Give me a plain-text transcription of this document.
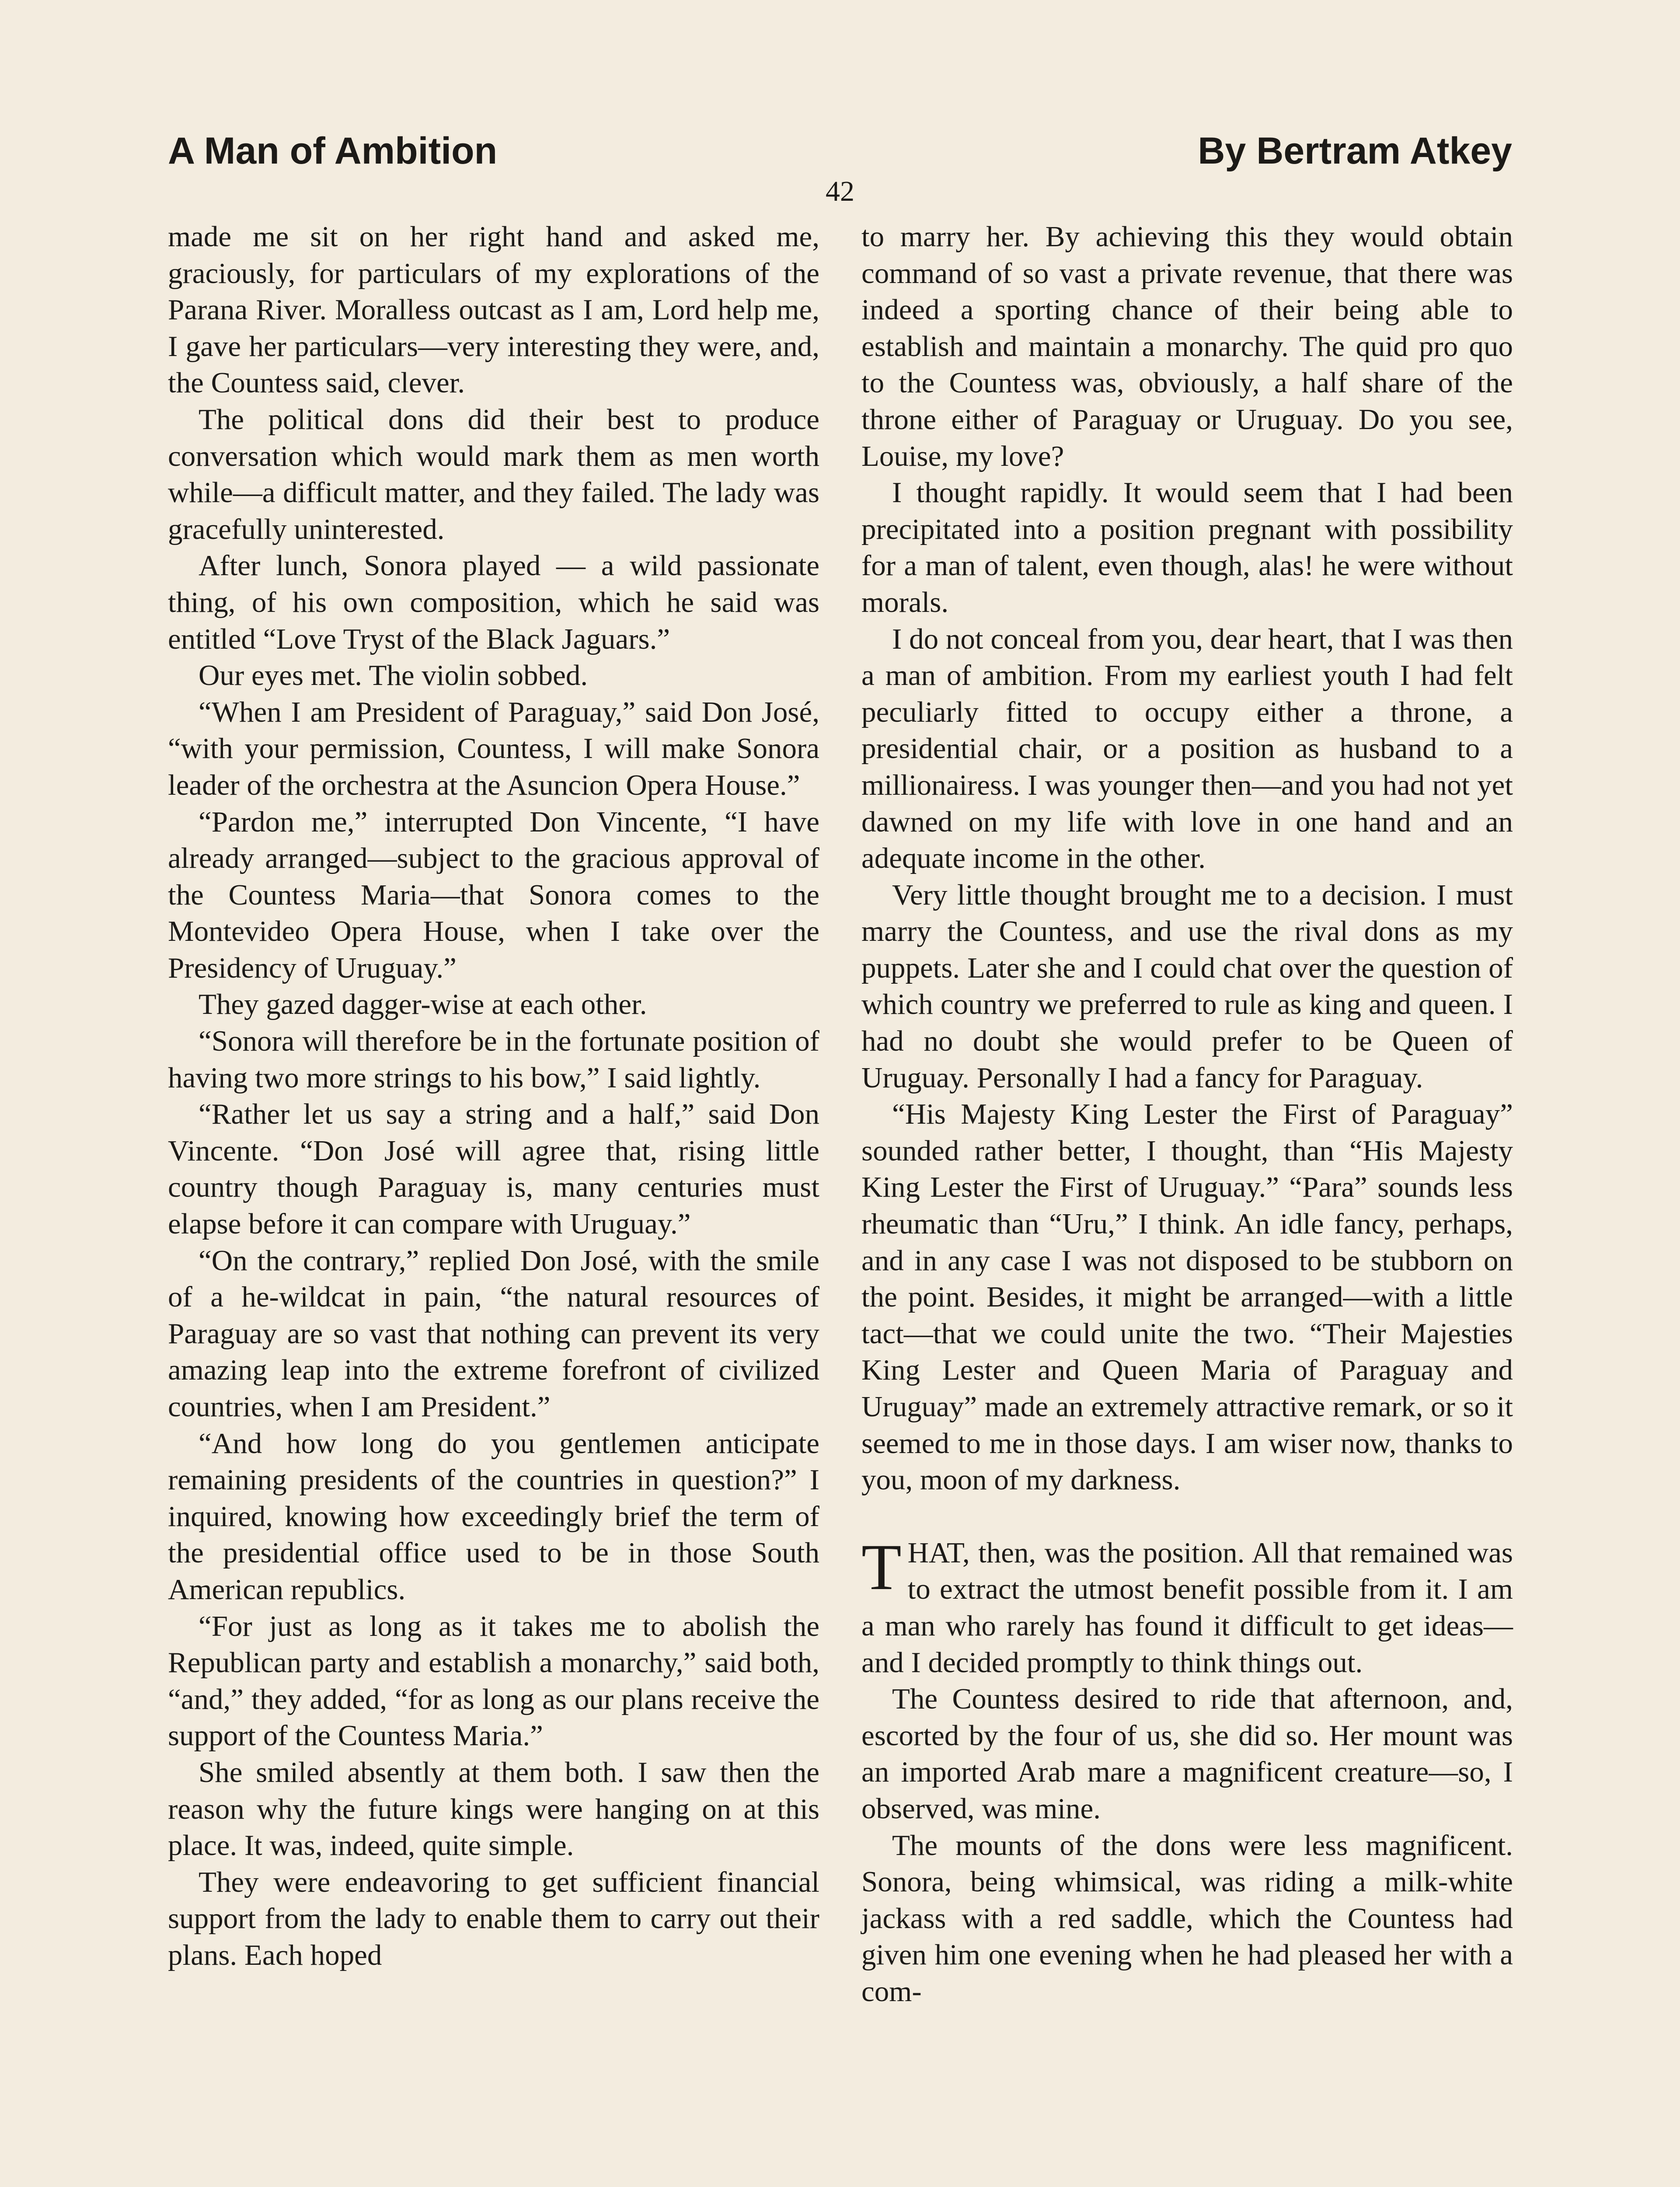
A Man of Ambition	By Bertram Atkey
42

made me sit on her right hand and asked me, graciously, for particulars of my explorations of the Parana River. Moralless outcast as I am, Lord help me, I gave her particulars—very interesting they were, and, the Countess said, clever.

The political dons did their best to produce conversation which would mark them as men worth while—a difficult matter, and they failed. The lady was gracefully uninterested.

After lunch, Sonora played — a wild passionate thing, of his own composition, which he said was entitled “Love Tryst of the Black Jaguars.”

Our eyes met. The violin sobbed.

“When I am President of Paraguay,” said Don José, “with your permission, Countess, I will make Sonora leader of the orchestra at the Asuncion Opera House.”

“Pardon me,” interrupted Don Vincente, “I have already arranged—subject to the gracious approval of the Countess Maria—that Sonora comes to the Montevideo Opera House, when I take over the Presidency of Uruguay.”

They gazed dagger-wise at each other.

“Sonora will therefore be in the fortunate position of having two more strings to his bow,” I said lightly.

“Rather let us say a string and a half,” said Don Vincente. “Don José will agree that, rising little country though Paraguay is, many centuries must elapse before it can compare with Uruguay.”

“On the contrary,” replied Don José, with the smile of a he-wildcat in pain, “the natural resources of Paraguay are so vast that nothing can prevent its very amazing leap into the extreme forefront of civilized countries, when I am President.”

“And how long do you gentlemen anticipate remaining presidents of the countries in question?” I inquired, knowing how exceedingly brief the term of the presidential office used to be in those South American republics.

“For just as long as it takes me to abolish the Republican party and establish a monarchy,” said both, “and,” they added, “for as long as our plans receive the support of the Countess Maria.”

She smiled absently at them both. I saw then the reason why the future kings were hanging on at this place. It was, indeed, quite simple.

They were endeavoring to get sufficient financial support from the lady to enable them to carry out their plans. Each hoped

to marry her. By achieving this they would obtain command of so vast a private revenue, that there was indeed a sporting chance of their being able to establish and maintain a monarchy. The quid pro quo to the Countess was, obviously, a half share of the throne either of Paraguay or Uruguay. Do you see, Louise, my love?

I thought rapidly. It would seem that I had been precipitated into a position pregnant with possibility for a man of talent, even though, alas! he were without morals.

I do not conceal from you, dear heart, that I was then a man of ambition. From my earliest youth I had felt peculiarly fitted to occupy either a throne, a presidential chair, or a position as husband to a millionairess. I was younger then—and you had not yet dawned on my life with love in one hand and an adequate income in the other.

Very little thought brought me to a decision. I must marry the Countess, and use the rival dons as my puppets. Later she and I could chat over the question of which country we preferred to rule as king and queen. I had no doubt she would prefer to be Queen of Uruguay. Personally I had a fancy for Paraguay.

“His Majesty King Lester the First of Paraguay” sounded rather better, I thought, than “His Majesty King Lester the First of Uruguay.” “Para” sounds less rheumatic than “Uru,” I think. An idle fancy, perhaps, and in any case I was not disposed to be stubborn on the point. Besides, it might be arranged—with a little tact—that we could unite the two. “Their Majesties King Lester and Queen Maria of Paraguay and Uruguay” made an extremely attractive remark, or so it seemed to me in those days. I am wiser now, thanks to you, moon of my darkness.

THAT, then, was the position. All that remained was to extract the utmost benefit possible from it. I am a man who rarely has found it difficult to get ideas—and I decided promptly to think things out.

The Countess desired to ride that afternoon, and, escorted by the four of us, she did so. Her mount was an imported Arab mare a magnificent creature—so, I observed, was mine.

The mounts of the dons were less magnificent. Sonora, being whimsical, was riding a milk-white jackass with a red saddle, which the Countess had given him one evening when he had pleased her with a com-
